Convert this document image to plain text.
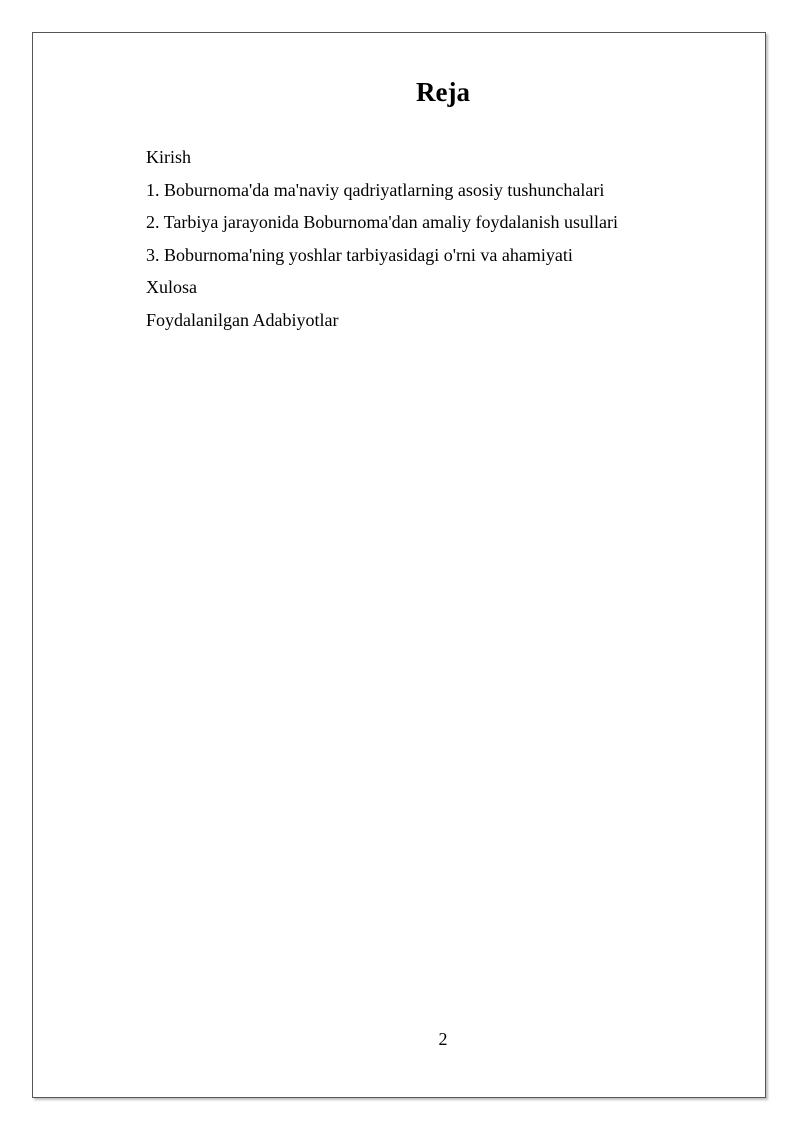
Reja
Kirish
1. Boburnoma'da ma'naviy qadriyatlarning asosiy tushunchalari
2. Tarbiya jarayonida Boburnoma'dan amaliy foydalanish usullari
3. Boburnoma'ning yoshlar tarbiyasidagi o'rni va ahamiyati
Xulosa
Foydalanilgan Adabiyotlar
2
